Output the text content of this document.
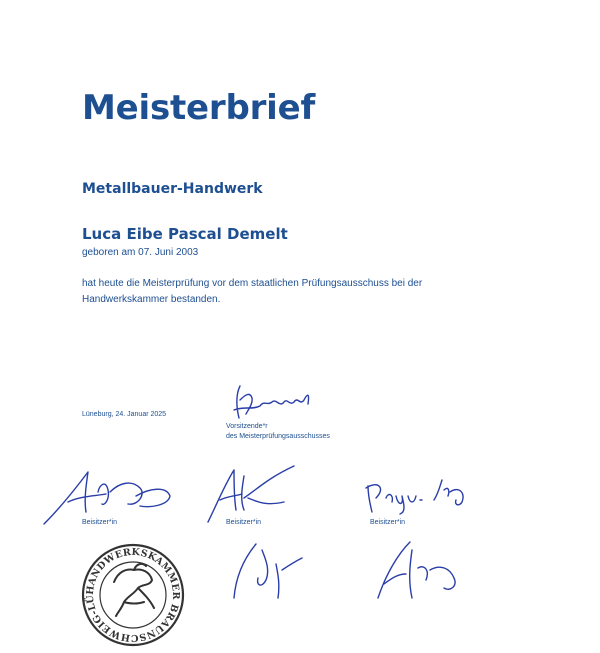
Meisterbrief
Metallbauer-Handwerk
Luca Eibe Pascal Demelt
geboren am 07. Juni 2003
hat heute die Meisterprüfung vor dem staatlichen Prüfungsausschuss bei der
Handwerkskammer bestanden.
Lüneburg, 24. Januar 2025
Vorsitzende*r
des Meisterprüfungsausschusses
Beisitzer*in	Beisitzer*in	Beisitzer*in
HANDWERKSKAMMER BRAUNSCHWEIG-LÜ
